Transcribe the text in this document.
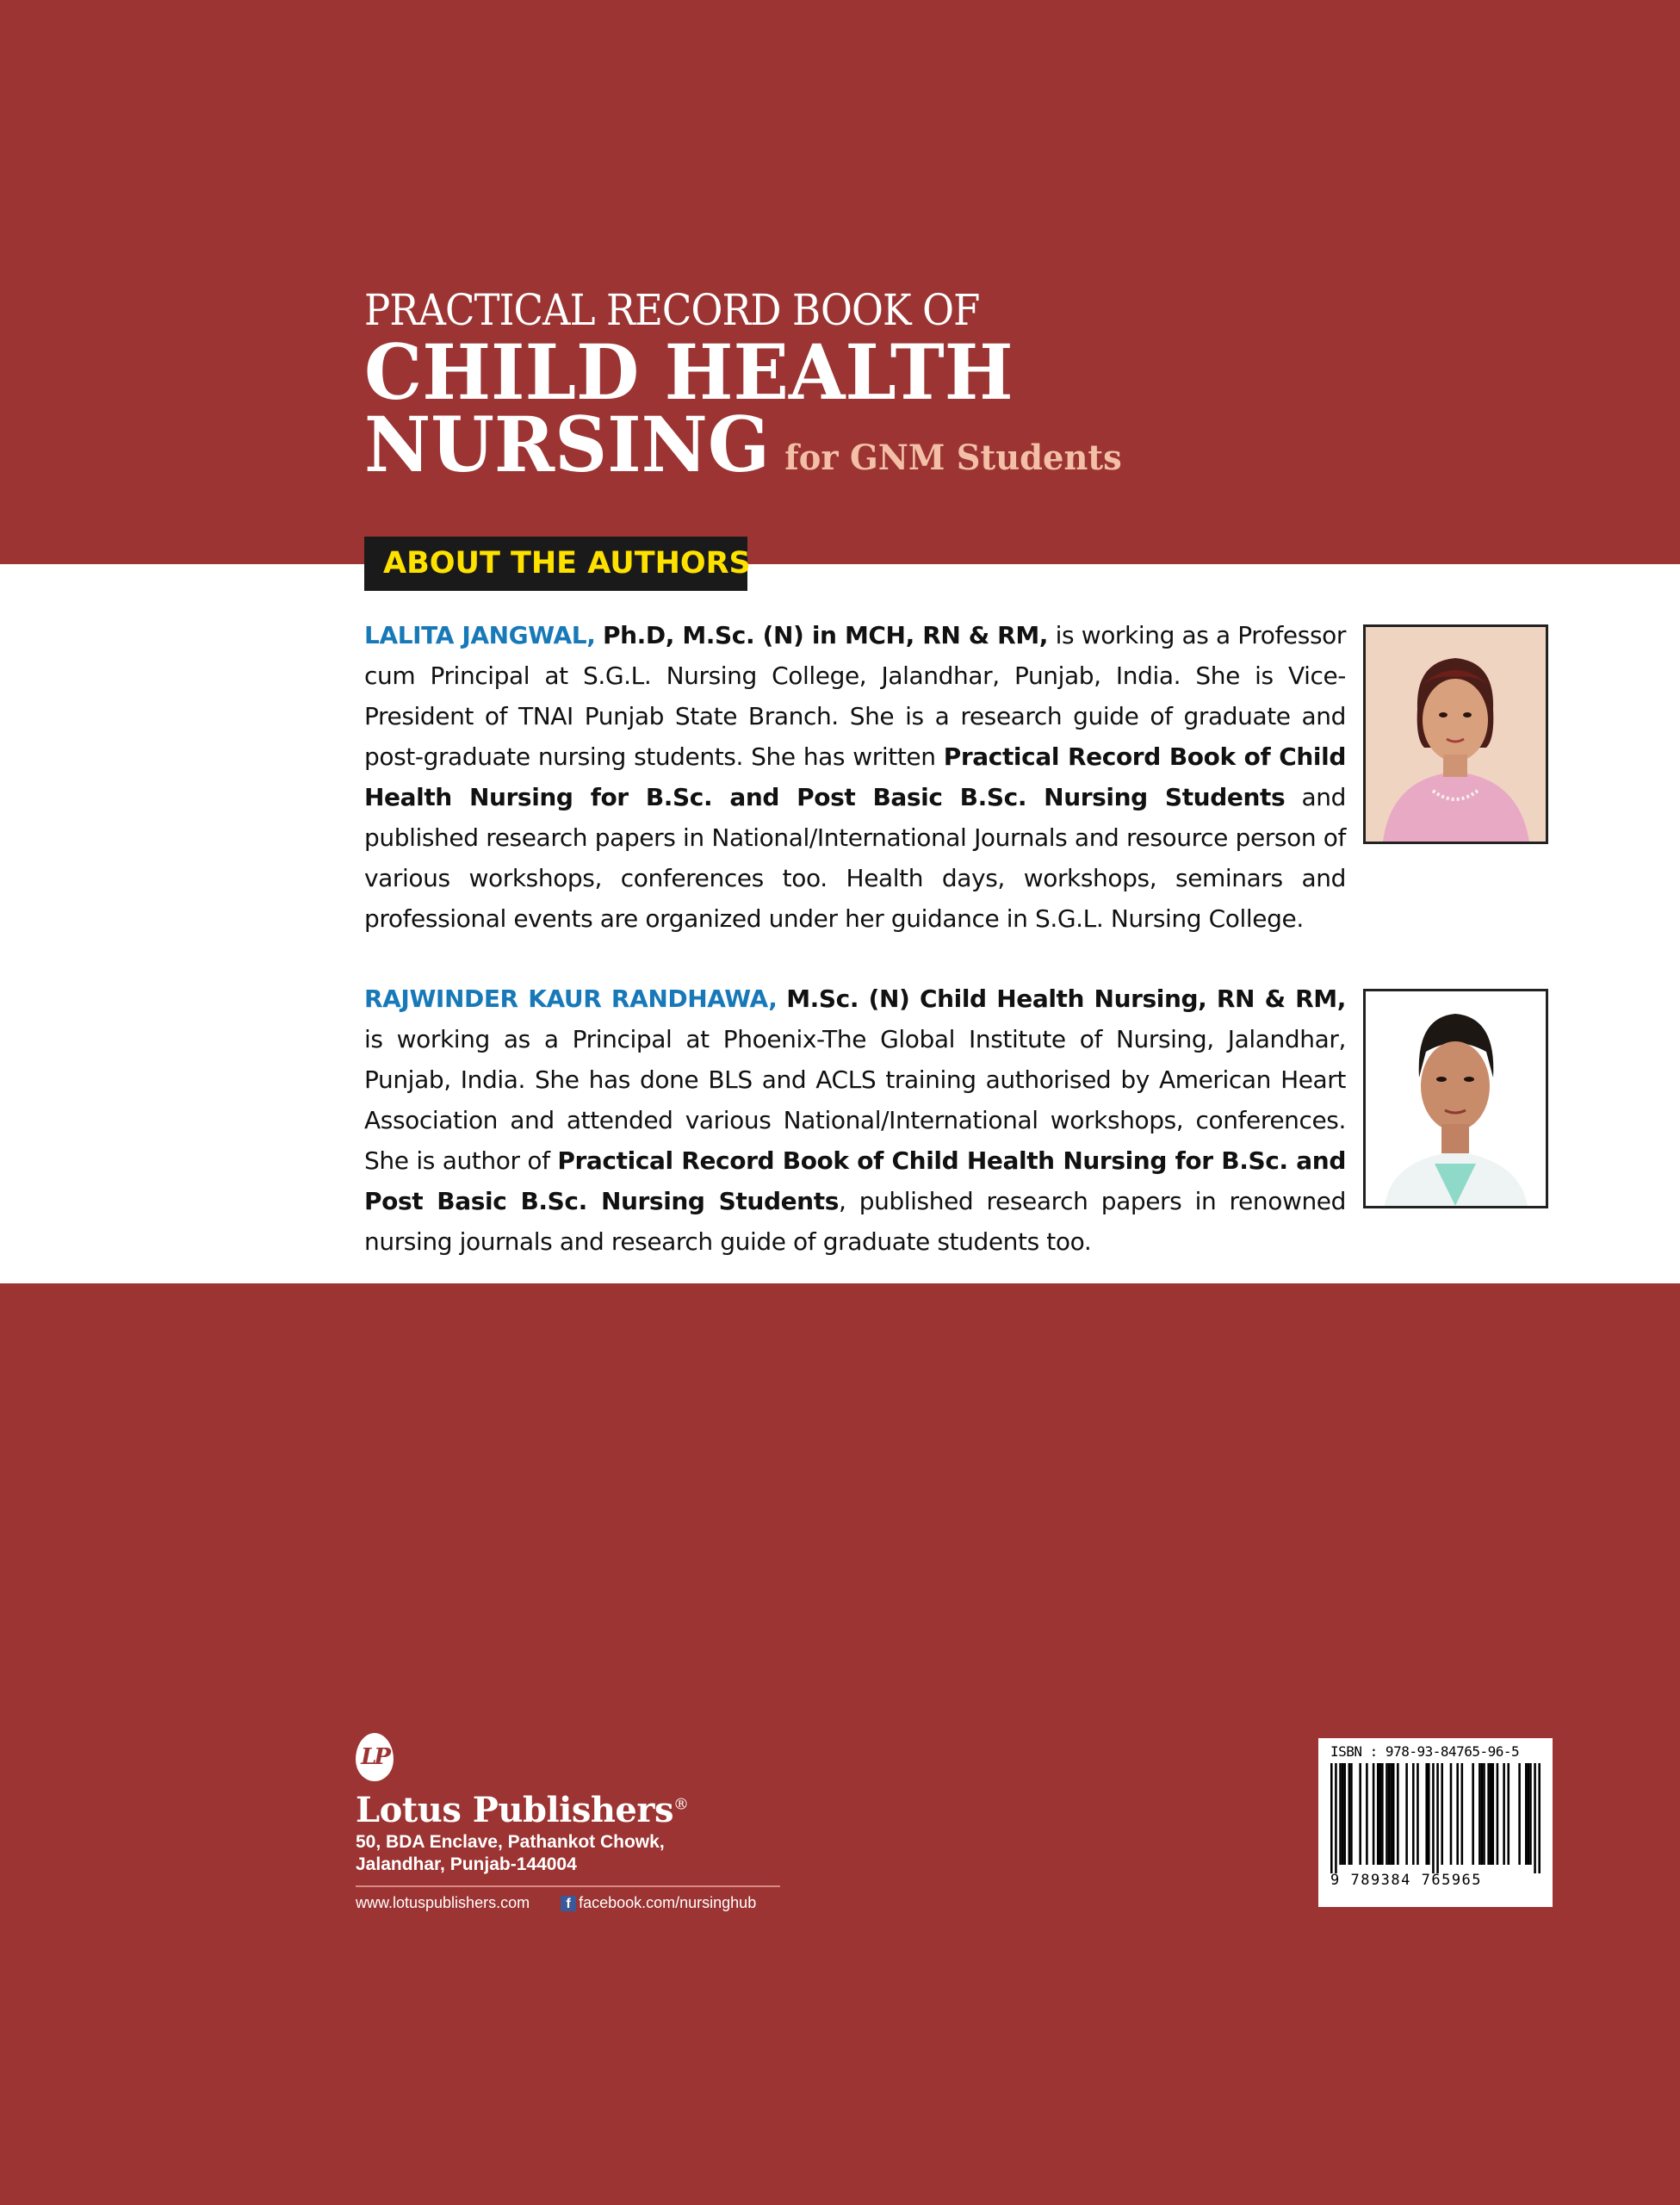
PRACTICAL RECORD BOOK OF
CHILD HEALTH
NURSING for GNM Students
ABOUT THE AUTHORS
LALITA JANGWAL, Ph.D, M.Sc. (N) in MCH, RN & RM, is working as a Professor cum Principal at S.G.L. Nursing College, Jalandhar, Punjab, India. She is Vice-President of TNAI Punjab State Branch. She is a research guide of graduate and post-graduate nursing students. She has written Practical Record Book of Child Health Nursing for B.Sc. and Post Basic B.Sc. Nursing Students and published research papers in National/International Journals and resource person of various workshops, conferences too. Health days, workshops, seminars and professional events are organized under her guidance in S.G.L. Nursing College.
RAJWINDER KAUR RANDHAWA, M.Sc. (N) Child Health Nursing, RN & RM, is working as a Principal at Phoenix-The Global Institute of Nursing, Jalandhar, Punjab, India. She has done BLS and ACLS training authorised by American Heart Association and attended various National/International workshops, conferences. She is author of Practical Record Book of Child Health Nursing for B.Sc. and Post Basic B.Sc. Nursing Students, published research papers in renowned nursing journals and research guide of graduate students too.
LP
Lotus Publishers®
50, BDA Enclave, Pathankot Chowk,
Jalandhar, Punjab-144004
www.lotuspublishers.com	f facebook.com/nursinghub
ISBN : 978-93-84765-96-5
9 789384 765965
